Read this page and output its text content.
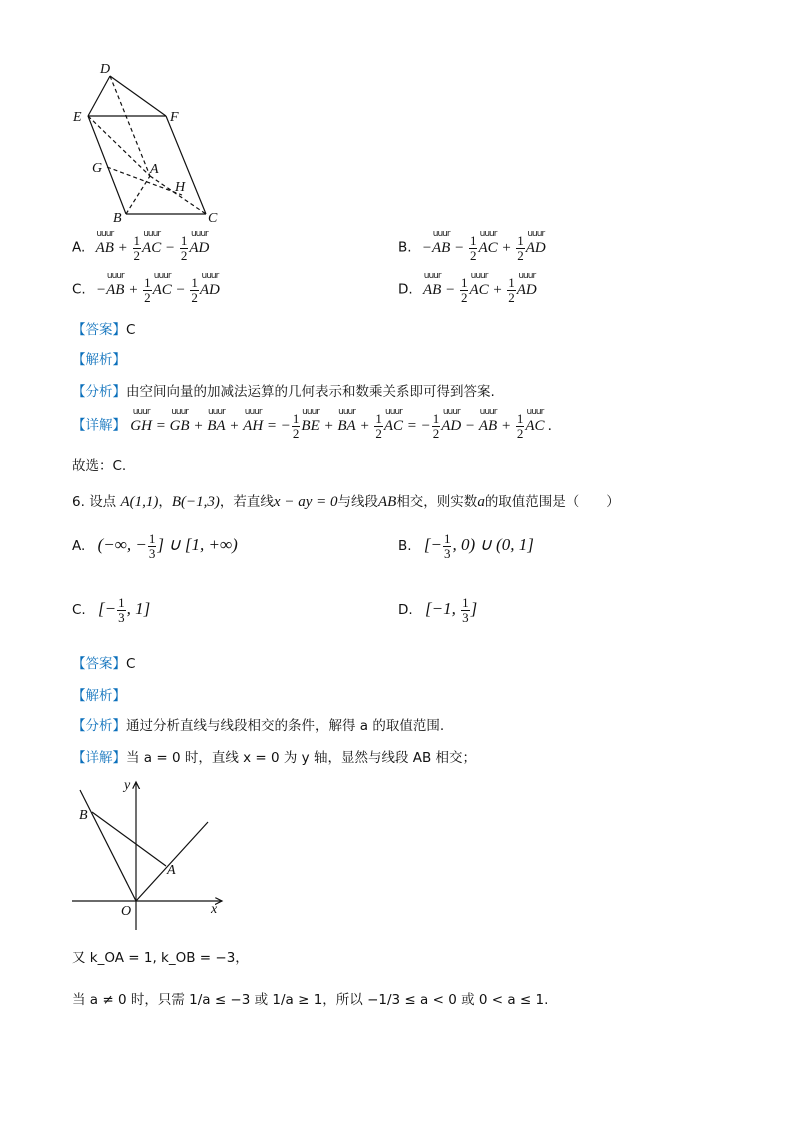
D
E	F
G	A
H
B	C
A. uuur AB + $\frac{1}{2}$ uuur AC − $\frac{1}{2}$ uuur AD	B. −uuur AB − $\frac{1}{2}$ uuur AC + $\frac{1}{2}$ uuur AD
C. −uuur AB + $\frac{1}{2}$ uuur AC − $\frac{1}{2}$ uuur AD	D. uuur AB − $\frac{1}{2}$ uuur AC + $\frac{1}{2}$ uuur AD
【答案】C
【解析】
【分析】由空间向量的加减法运算的几何表示和数乘关系即可得到答案.
【详解】 uuur GH = uuur GB + uuur BA + uuur AH = − $\frac{1}{2}$ uuur BE + uuur BA + $\frac{1}{2}$ uuur AC = − $\frac{1}{2}$ uuur AD − uuur AB + $\frac{1}{2}$ uuur AC .
故选：C.
6. 设点 A(1,1)，B(−1,3)，若直线x − ay = 0与线段AB相交，则实数a的取值范围是（　　）
A. (−∞, − $\frac{1}{3}$ ] ∪ [1, +∞)	B. [− $\frac{1}{3}$ , 0) ∪ (0, 1]
C. [− $\frac{1}{3}$ , 1]	D. [−1, $\frac{1}{3}$ ]
【答案】C
【解析】
【分析】通过分析直线与线段相交的条件，解得 a 的取值范围.
【详解】当 a = 0 时，直线 x = 0 为 y 轴，显然与线段 AB 相交；
y
x
O
A
B
又 k_OA = 1, k_OB = −3，
当 a ≠ 0 时，只需 1/a ≤ −3 或 1/a ≥ 1，所以 −1/3 ≤ a < 0 或 0 < a ≤ 1.
